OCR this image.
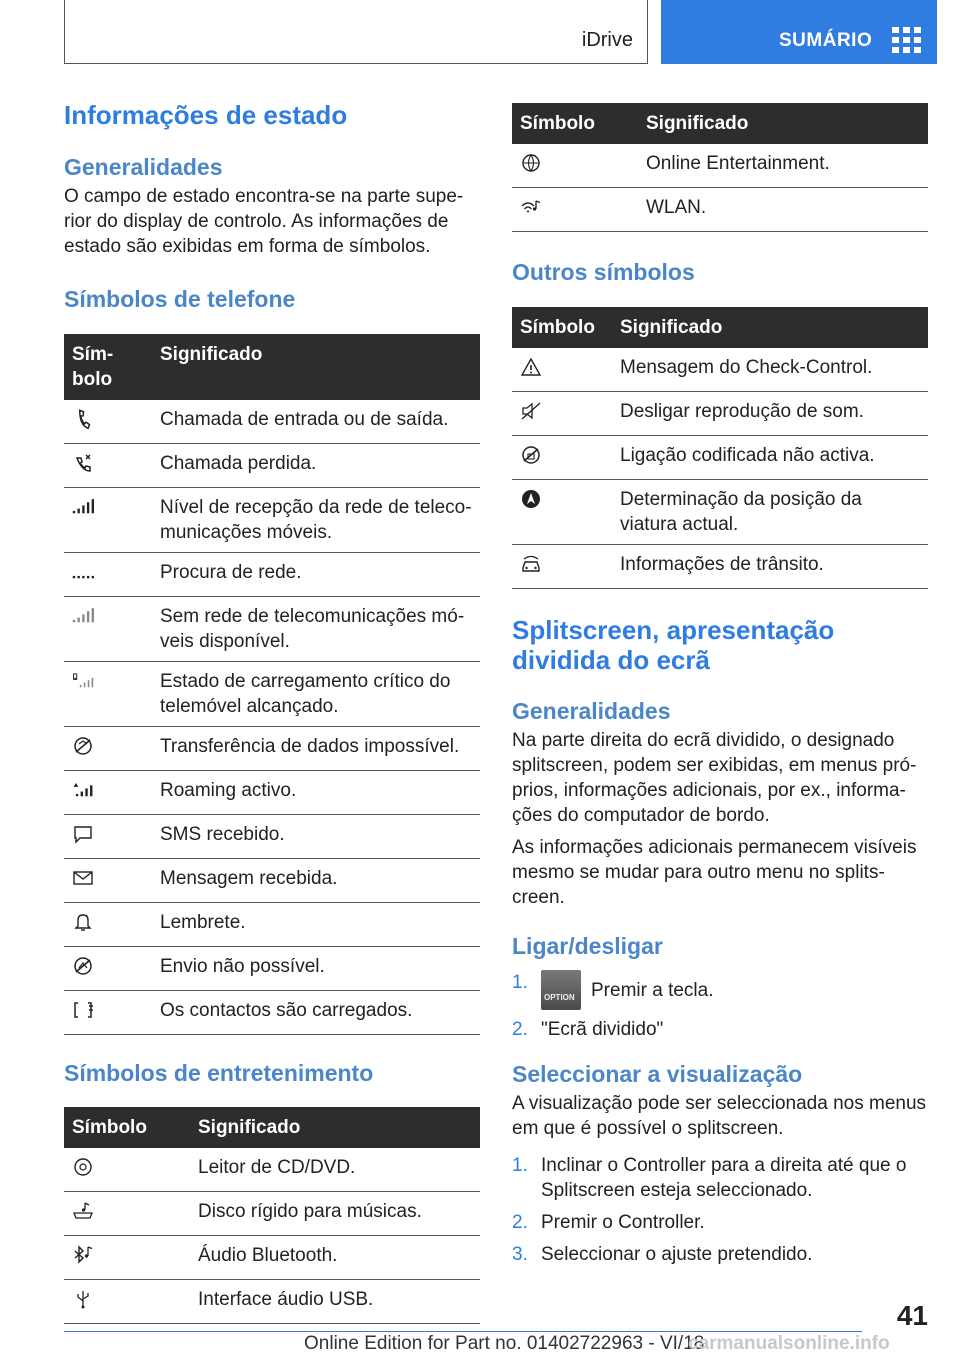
iDrive	SUMÁRIO
Informações de estado
Generalidades

O campo de estado encontra-se na parte supe-rior do display de controlo. As informações de estado são exibidas em forma de símbolos.

Símbolos de telefone
Sím-bolo	Significado
	Chamada de entrada ou de saída.
	Chamada perdida.
	Nível de recepção da rede de teleco-municações móveis.
	Procura de rede.
	Sem rede de telecomunicações mó-veis disponível.
	Estado de carregamento crítico do telemóvel alcançado.
	Transferência de dados impossível.
	Roaming activo.
	SMS recebido.
	Mensagem recebida.
	Lembrete.
	Envio não possível.
	Os contactos são carregados.
Símbolos de entretenimento
Símbolo	Significado
	Leitor de CD/DVD.
	Disco rígido para músicas.
	Áudio Bluetooth.
	Interface áudio USB.
Símbolo	Significado
	Online Entertainment.
	WLAN.
Outros símbolos
Símbolo	Significado
	Mensagem do Check-Control.
	Desligar reprodução de som.
	Ligação codificada não activa.
	Determinação da posição da viatura actual.
	Informações de trânsito.
Splitscreen, apresentação dividida do ecrã
Generalidades

Na parte direita do ecrã dividido, o designado splitscreen, podem ser exibidas, em menus pró-prios, informações adicionais, por ex., informa-ções do computador de bordo.

As informações adicionais permanecem visíveis mesmo se mudar para outro menu no splits-creen.

Ligar/desligar
1.
OPTION Premir a tecla.
2. "Ecrã dividido"
Seleccionar a visualização

A visualização pode ser seleccionada nos menus em que é possível o splitscreen.

1. Inclinar o Controller para a direita até que o Splitscreen esteja seleccionado.
2. Premir o Controller.
3. Seleccionar o ajuste pretendido.
41
Online Edition for Part no. 01402722963 - VI/18
carmanualsonline.info
